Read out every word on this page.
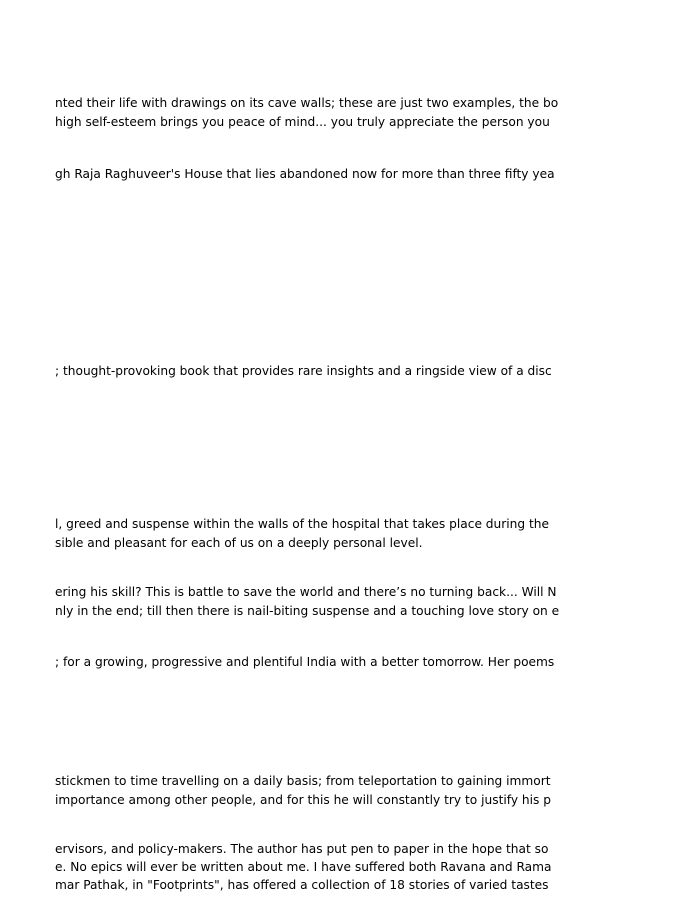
nted their life with drawings on its cave walls; these are just two examples, the bo
high self-esteem brings you peace of mind... you truly appreciate the person you
gh Raja Raghuveer's House that lies abandoned now for more than three fifty yea
; thought-provoking book that provides rare insights and a ringside view of a disc
l, greed and suspense within the walls of the hospital that takes place during the
sible and pleasant for each of us on a deeply personal level.
ering his skill? This is battle to save the world and there’s no turning back... Will N
nly in the end; till then there is nail-biting suspense and a touching love story on e
; for a growing, progressive and plentiful India with a better tomorrow. Her poems
stickmen to time travelling on a daily basis; from teleportation to gaining immort
importance among other people, and for this he will constantly try to justify his p
ervisors, and policy-makers. The author has put pen to paper in the hope that so
e. No epics will ever be written about me. I have suffered both Ravana and Rama
mar Pathak, in "Footprints", has offered a collection of 18 stories of varied tastes
